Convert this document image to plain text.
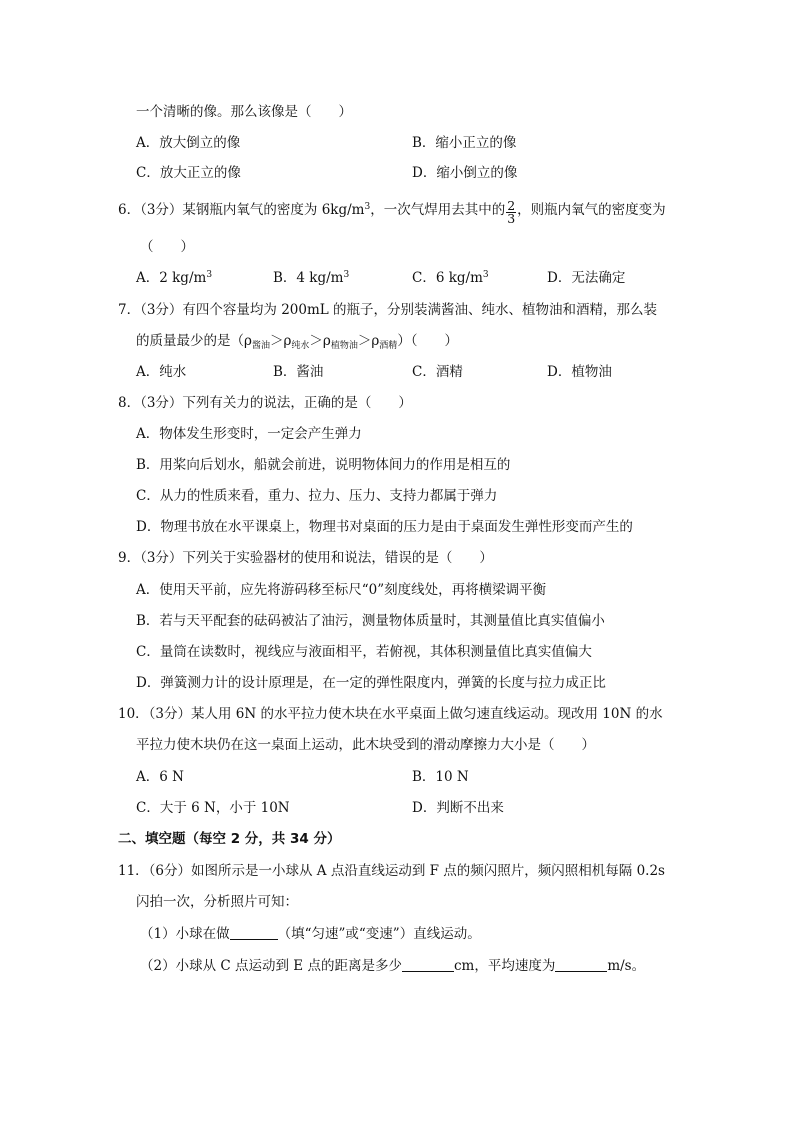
一个清晰的像。那么该像是（　　）
A．放大倒立的像	B．缩小正立的像
C．放大正立的像	D．缩小倒立的像
6．（3分）某钢瓶内氧气的密度为 $6kg/m^3$，一次气焊用去其中的 $\frac{2}{3}$ ，则瓶内氧气的密度变为
（　　）
A．2 $kg/m^3$	B．4 $kg/m^3$	C．6 $kg/m^3$	D．无法确定
7．（3分）有四个容量均为 200mL 的瓶子，分别装满酱油、纯水、植物油和酒精，那么装
的质量最少的是$(\rho_{酱油}>\rho_{纯水}>\rho_{植物油}>\rho_{酒精})$（　　）
A．纯水	B．酱油	C．酒精	D．植物油
8．（3分）下列有关力的说法，正确的是（　　）
A．物体发生形变时，一定会产生弹力
B．用桨向后划水，船就会前进，说明物体间力的作用是相互的
C．从力的性质来看，重力、拉力、压力、支持力都属于弹力
D．物理书放在水平课桌上，物理书对桌面的压力是由于桌面发生弹性形变而产生的
9．（3分）下列关于实验器材的使用和说法，错误的是（　　）
A．使用天平前，应先将游码移至标尺“0”刻度线处，再将横梁调平衡
B．若与天平配套的砝码被沾了油污，测量物体质量时，其测量值比真实值偏小
C．量筒在读数时，视线应与液面相平，若俯视，其体积测量值比真实值偏大
D．弹簧测力计的设计原理是，在一定的弹性限度内，弹簧的长度与拉力成正比
10．（3分）某人用 6N 的水平拉力使木块在水平桌面上做匀速直线运动。现改用 10N 的水
平拉力使木块仍在这一桌面上运动，此木块受到的滑动摩擦力大小是（　　）
A．6 N	B．10 N
C．大于 6 N，小于 10N	D．判断不出来
二、填空题（每空 2 分，共 34 分）
11．（6分）如图所示是一小球从 A 点沿直线运动到 F 点的频闪照片，频闪照相机每隔 0.2s
闪拍一次，分析照片可知：
（1）小球在做	（填“匀速”或“变速”）直线运动。
（2）小球从 C 点运动到 E 点的距离是多少	cm，平均速度为	m/s。
